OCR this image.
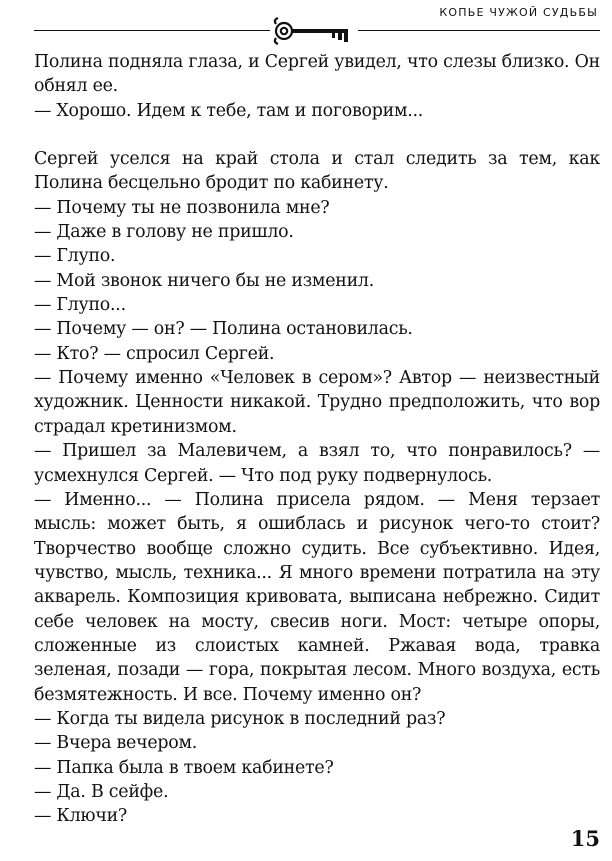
КОПЬЕ ЧУЖОЙ СУДЬБЫ

Полина подняла глаза, и Сергей увидел, что слезы близко. Он обнял ее.

— Хорошо. Идем к тебе, там и поговорим...

Сергей уселся на край стола и стал следить за тем, как Полина бесцельно бродит по кабинету.

— Почему ты не позвонила мне?

— Даже в голову не пришло.

— Глупо.

— Мой звонок ничего бы не изменил.

— Глупо...

— Почему — он? — Полина остановилась.

— Кто? — спросил Сергей.

— Почему именно «Человек в сером»? Автор — неизвестный художник. Ценности никакой. Трудно предположить, что вор страдал кретинизмом.

— Пришел за Малевичем, а взял то, что понравилось? — усмехнулся Сергей. — Что под руку подвернулось.

— Именно... — Полина присела рядом. — Меня терзает мысль: может быть, я ошиблась и рисунок чего-то стоит? Творчество вообще сложно судить. Все субъективно. Идея, чувство, мысль, техника... Я много времени потратила на эту акварель. Композиция кривовата, выписана небрежно. Сидит себе человек на мосту, свесив ноги. Мост: четыре опоры, сложенные из слоистых камней. Ржавая вода, травка зеленая, позади — гора, покрытая лесом. Много воздуха, есть безмятежность. И все. Почему именно он?

— Когда ты видела рисунок в последний раз?

— Вчера вечером.

— Папка была в твоем кабинете?

— Да. В сейфе.

— Ключи?

15
